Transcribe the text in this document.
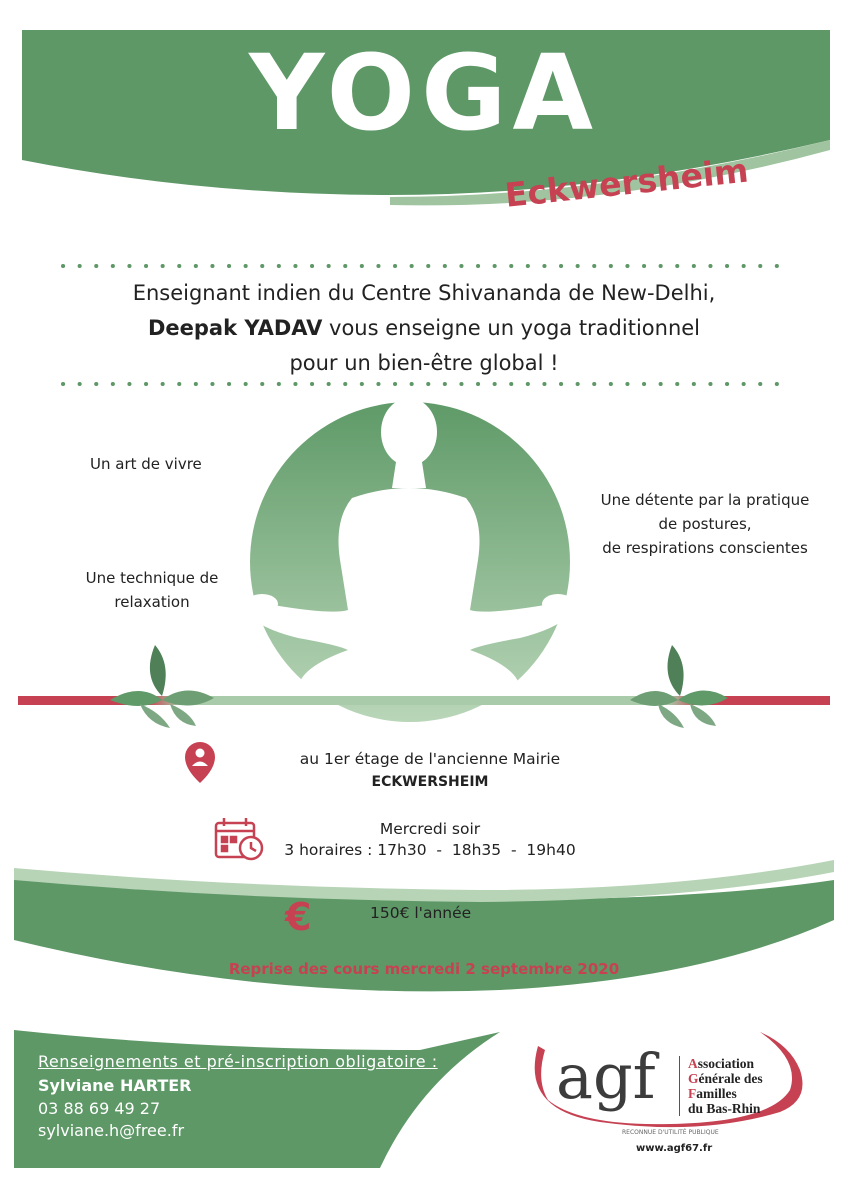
€
YOGA
Eckwersheim
Enseignant indien du Centre Shivananda de New-Delhi,
Deepak YADAV vous enseigne un yoga traditionnel
pour un bien-être global !
Un art de vivre
Une technique de
relaxation
Une détente par la pratique
de postures,
de respirations conscientes
au 1er étage de l'ancienne Mairie
ECKWERSHEIM
Mercredi soir
3 horaires : 17h30  -  18h35  -  19h40
150€ l'année
Reprise des cours mercredi 2 septembre 2020
Renseignements et pré-inscription obligatoire :
Sylviane HARTER
03 88 69 49 27
sylviane.h@free.fr
agf Association
Générale des
Familles
du Bas-Rhin
RECONNUE D'UTILITÉ PUBLIQUE
www.agf67.fr
